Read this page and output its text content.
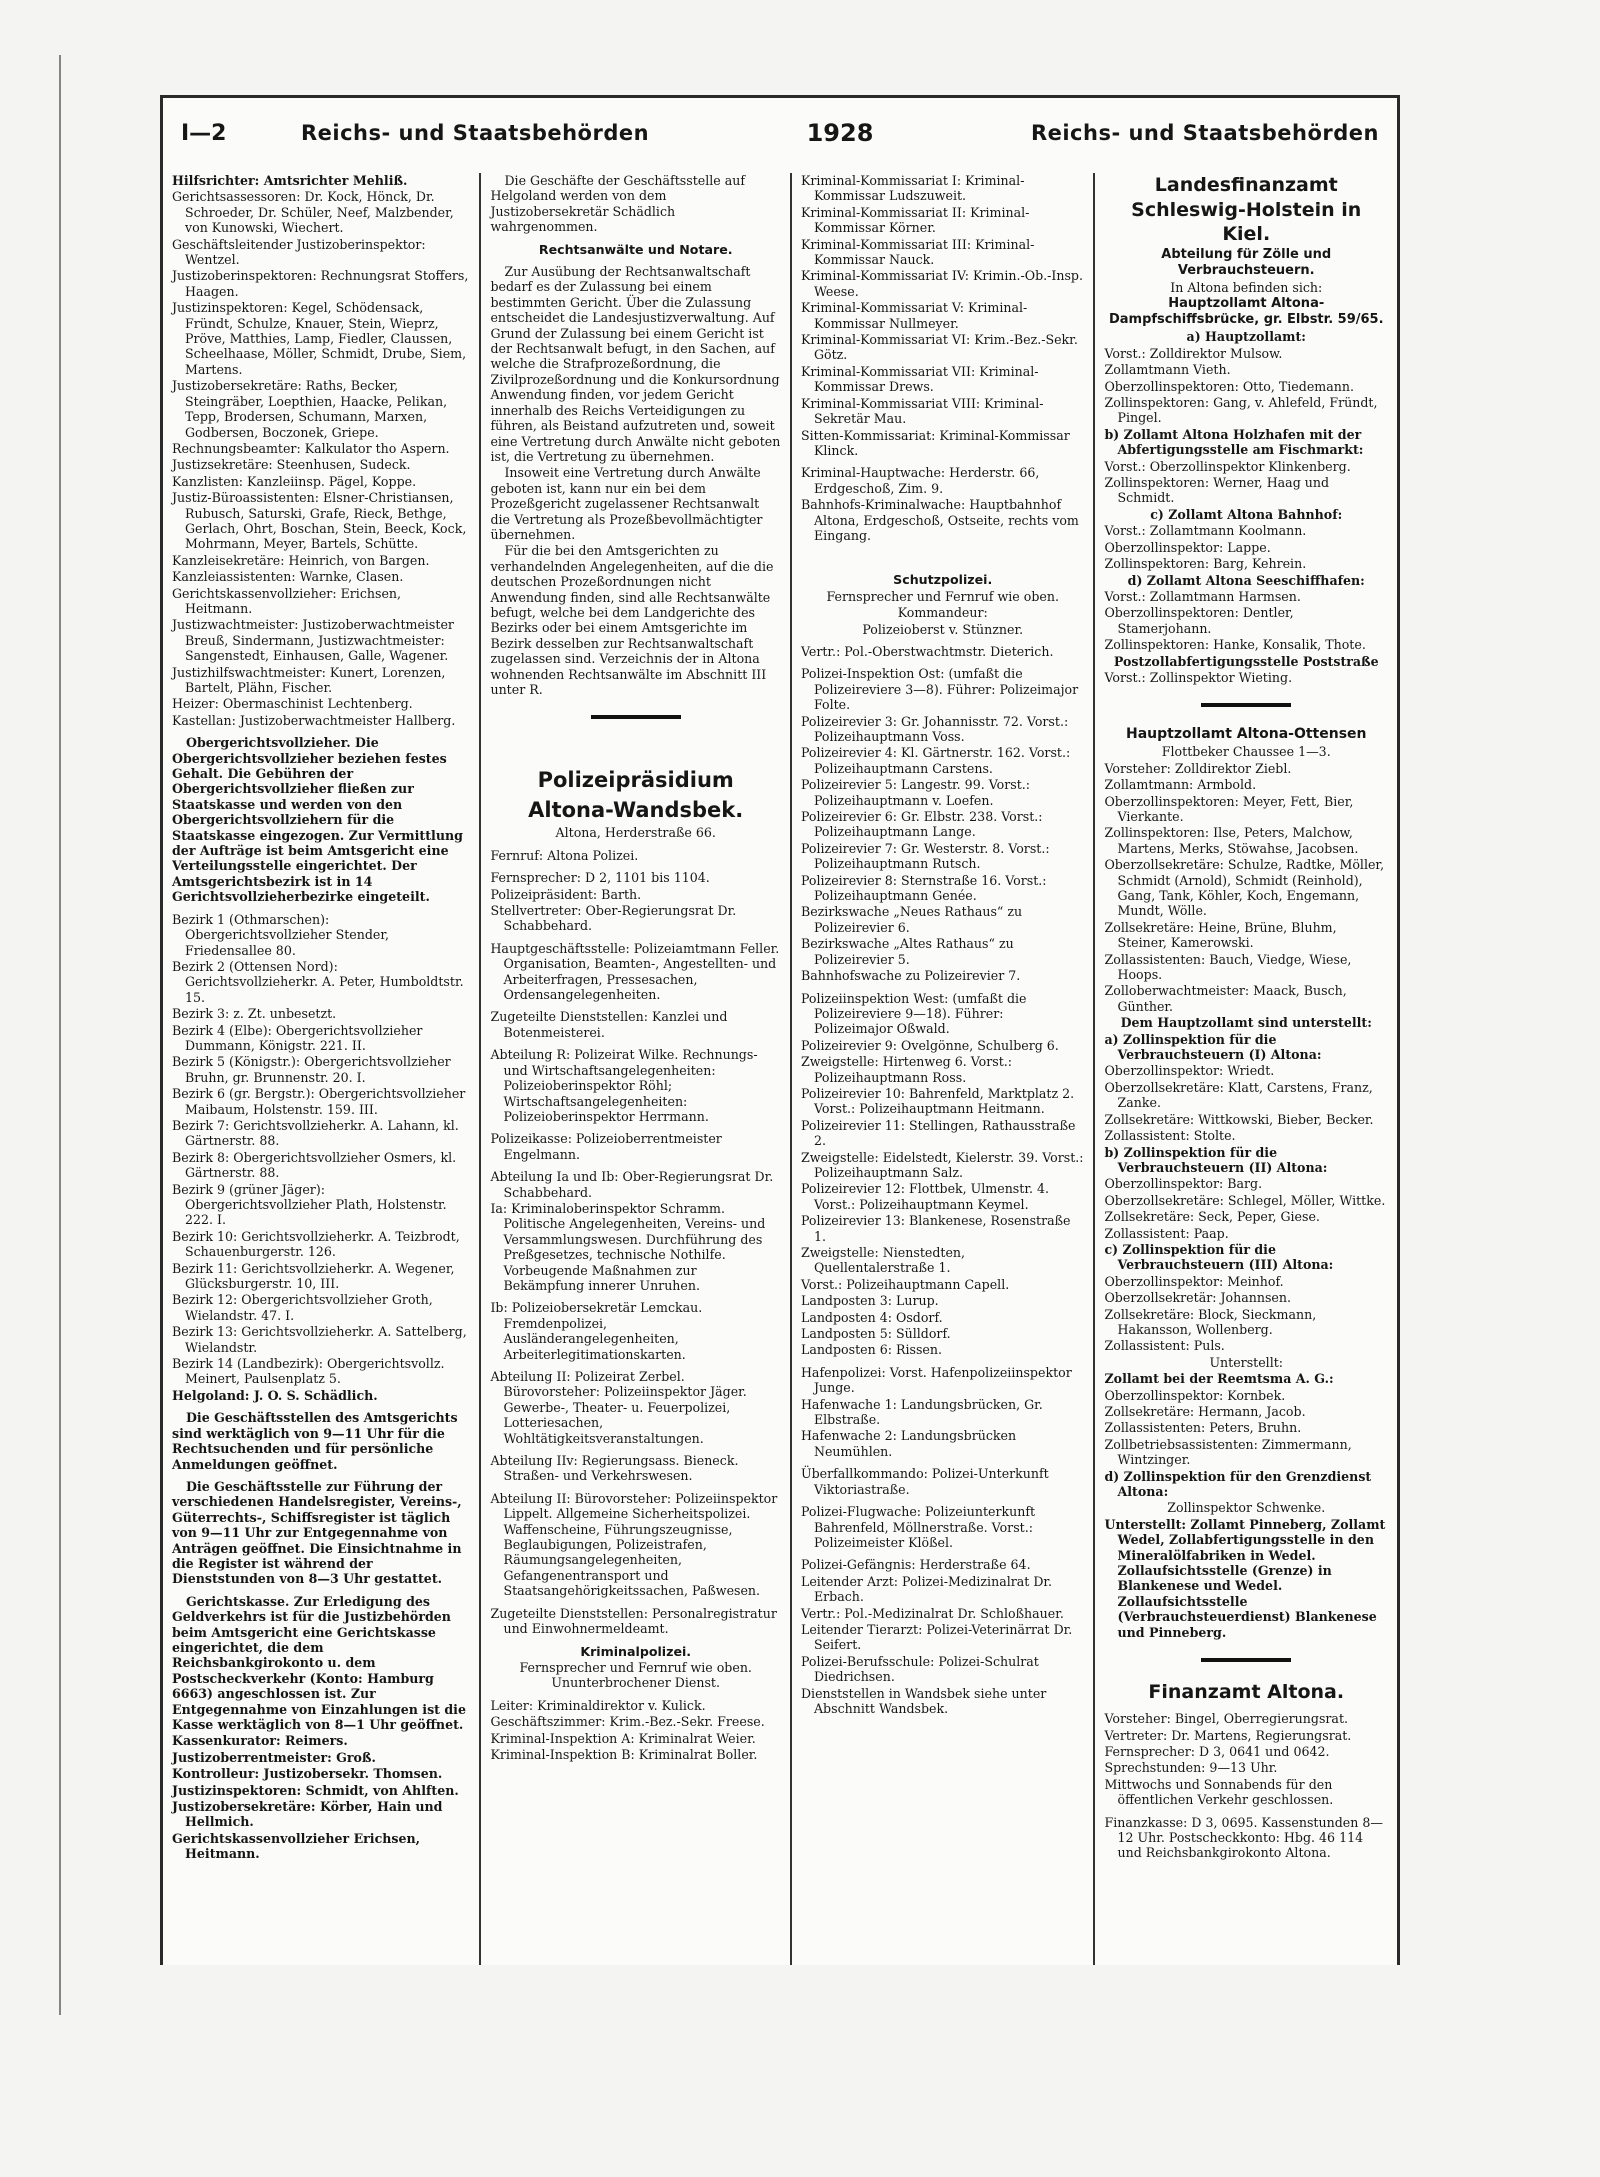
I—2	Reichs- und Staatsbehörden	1928	Reichs- und Staatsbehörden

Hilfsrichter: Amtsrichter Mehliß.

Gerichtsassessoren: Dr. Kock, Hönck, Dr. Schroeder, Dr. Schüler, Neef, Malzbender, von Kunowski, Wiechert.

Geschäftsleitender Justizoberinspektor: Wentzel.

Justizoberinspektoren: Rechnungsrat Stoffers, Haagen.

Justizinspektoren: Kegel, Schödensack, Fründt, Schulze, Knauer, Stein, Wieprz, Pröve, Matthies, Lamp, Fiedler, Claussen, Scheelhaase, Möller, Schmidt, Drube, Siem, Martens.

Justizobersekretäre: Raths, Becker, Steingräber, Loepthien, Haacke, Pelikan, Tepp, Brodersen, Schumann, Marxen, Godbersen, Boczonek, Griepe.

Rechnungsbeamter: Kalkulator tho Aspern.

Justizsekretäre: Steenhusen, Sudeck.

Kanzlisten: Kanzleiinsp. Pägel, Koppe.

Justiz-Büroassistenten: Elsner-Christiansen, Rubusch, Saturski, Grafe, Rieck, Bethge, Gerlach, Ohrt, Boschan, Stein, Beeck, Kock, Mohrmann, Meyer, Bartels, Schütte.

Kanzleisekretäre: Heinrich, von Bargen.

Kanzleiassistenten: Warnke, Clasen.

Gerichtskassenvollzieher: Erichsen, Heitmann.

Justizwachtmeister: Justizoberwachtmeister Breuß, Sindermann, Justizwachtmeister: Sangenstedt, Einhausen, Galle, Wagener.

Justizhilfswachtmeister: Kunert, Lorenzen, Bartelt, Plähn, Fischer.

Heizer: Obermaschinist Lechtenberg.

Kastellan: Justizoberwachtmeister Hallberg.

Obergerichtsvollzieher. Die Obergerichtsvollzieher beziehen festes Gehalt. Die Gebühren der Obergerichtsvollzieher fließen zur Staatskasse und werden von den Obergerichtsvollziehern für die Staatskasse eingezogen. Zur Vermittlung der Aufträge ist beim Amtsgericht eine Verteilungsstelle eingerichtet. Der Amtsgerichtsbezirk ist in 14 Gerichtsvollzieherbezirke eingeteilt.

Bezirk 1 (Othmarschen): Obergerichtsvollzieher Stender, Friedensallee 80.

Bezirk 2 (Ottensen Nord): Gerichtsvollzieherkr. A. Peter, Humboldtstr. 15.

Bezirk 3: z. Zt. unbesetzt.

Bezirk 4 (Elbe): Obergerichtsvollzieher Dummann, Königstr. 221. II.

Bezirk 5 (Königstr.): Obergerichtsvollzieher Bruhn, gr. Brunnenstr. 20. I.

Bezirk 6 (gr. Bergstr.): Obergerichtsvollzieher Maibaum, Holstenstr. 159. III.

Bezirk 7: Gerichtsvollzieherkr. A. Lahann, kl. Gärtnerstr. 88.

Bezirk 8: Obergerichtsvollzieher Osmers, kl. Gärtnerstr. 88.

Bezirk 9 (grüner Jäger): Obergerichtsvollzieher Plath, Holstenstr. 222. I.

Bezirk 10: Gerichtsvollzieherkr. A. Teizbrodt, Schauenburgerstr. 126.

Bezirk 11: Gerichtsvollzieherkr. A. Wegener, Glücksburgerstr. 10, III.

Bezirk 12: Obergerichtsvollzieher Groth, Wielandstr. 47. I.

Bezirk 13: Gerichtsvollzieherkr. A. Sattelberg, Wielandstr.

Bezirk 14 (Landbezirk): Obergerichtsvollz. Meinert, Paulsenplatz 5.

Helgoland: J. O. S. Schädlich.

Die Geschäftsstellen des Amtsgerichts sind werktäglich von 9—11 Uhr für die Rechtsuchenden und für persönliche Anmeldungen geöffnet.

Die Geschäftsstelle zur Führung der verschiedenen Handelsregister, Vereins-, Güterrechts-, Schiffsregister ist täglich von 9—11 Uhr zur Entgegennahme von Anträgen geöffnet. Die Einsichtnahme in die Register ist während der Dienststunden von 8—3 Uhr gestattet.

Gerichtskasse. Zur Erledigung des Geldverkehrs ist für die Justizbehörden beim Amtsgericht eine Gerichtskasse eingerichtet, die dem Reichsbankgirokonto u. dem Postscheckverkehr (Konto: Hamburg 6663) angeschlossen ist. Zur Entgegennahme von Einzahlungen ist die Kasse werktäglich von 8—1 Uhr geöffnet.

Kassenkurator: Reimers.

Justizoberrentmeister: Groß.

Kontrolleur: Justizobersekr. Thomsen.

Justizinspektoren: Schmidt, von Ahlften.

Justizobersekretäre: Körber, Hain und Hellmich.

Gerichtskassenvollzieher Erichsen, Heitmann.

Die Geschäfte der Geschäftsstelle auf Helgoland werden von dem Justizobersekretär Schädlich wahrgenommen.

Rechtsanwälte und Notare.

Zur Ausübung der Rechtsanwaltschaft bedarf es der Zulassung bei einem bestimmten Gericht. Über die Zulassung entscheidet die Landesjustizverwaltung. Auf Grund der Zulassung bei einem Gericht ist der Rechtsanwalt befugt, in den Sachen, auf welche die Strafprozeßordnung, die Zivilprozeßordnung und die Konkursordnung Anwendung finden, vor jedem Gericht innerhalb des Reichs Verteidigungen zu führen, als Beistand aufzutreten und, soweit eine Vertretung durch Anwälte nicht geboten ist, die Vertretung zu übernehmen.

Insoweit eine Vertretung durch Anwälte geboten ist, kann nur ein bei dem Prozeßgericht zugelassener Rechtsanwalt die Vertretung als Prozeßbevollmächtigter übernehmen.

Für die bei den Amtsgerichten zu verhandelnden Angelegenheiten, auf die die deutschen Prozeßordnungen nicht Anwendung finden, sind alle Rechtsanwälte befugt, welche bei dem Landgerichte des Bezirks oder bei einem Amtsgerichte im Bezirk desselben zur Rechtsanwaltschaft zugelassen sind. Verzeichnis der in Altona wohnenden Rechtsanwälte im Abschnitt III unter R.

Polizeipräsidium

Altona-Wandsbek.

Altona, Herderstraße 66.

Fernruf: Altona Polizei.

Fernsprecher: D 2, 1101 bis 1104.

Polizeipräsident: Barth.

Stellvertreter: Ober-Regierungsrat Dr. Schabbehard.

Hauptgeschäftsstelle: Polizeiamtmann Feller. Organisation, Beamten-, Angestellten- und Arbeiterfragen, Pressesachen, Ordensangelegenheiten.

Zugeteilte Dienststellen: Kanzlei und Botenmeisterei.

Abteilung R: Polizeirat Wilke. Rechnungs- und Wirtschaftsangelegenheiten: Polizeioberinspektor Röhl; Wirtschaftsangelegenheiten: Polizeioberinspektor Herrmann.

Polizeikasse: Polizeioberrentmeister Engelmann.

Abteilung Ia und Ib: Ober-Regierungsrat Dr. Schabbehard.

Ia: Kriminaloberinspektor Schramm. Politische Angelegenheiten, Vereins- und Versammlungswesen. Durchführung des Preßgesetzes, technische Nothilfe. Vorbeugende Maßnahmen zur Bekämpfung innerer Unruhen.

Ib: Polizeiobersekretär Lemckau. Fremdenpolizei, Ausländerangelegenheiten, Arbeiterlegitimationskarten.

Abteilung II: Polizeirat Zerbel. Bürovorsteher: Polizeiinspektor Jäger. Gewerbe-, Theater- u. Feuerpolizei, Lotteriesachen, Wohltätigkeitsveranstaltungen.

Abteilung IIv: Regierungsass. Bieneck. Straßen- und Verkehrswesen.

Abteilung II: Bürovorsteher: Polizeiinspektor Lippelt. Allgemeine Sicherheitspolizei. Waffenscheine, Führungszeugnisse, Beglaubigungen, Polizeistrafen, Räumungsangelegenheiten, Gefangenentransport und Staatsangehörigkeitssachen, Paßwesen.

Zugeteilte Dienststellen: Personalregistratur und Einwohnermeldeamt.

Kriminalpolizei.

Fernsprecher und Fernruf wie oben. Ununterbrochener Dienst.

Leiter: Kriminaldirektor v. Kulick.

Geschäftszimmer: Krim.-Bez.-Sekr. Freese.

Kriminal-Inspektion A: Kriminalrat Weier.

Kriminal-Inspektion B: Kriminalrat Boller.

Kriminal-Kommissariat I: Kriminal-Kommissar Ludszuweit.

Kriminal-Kommissariat II: Kriminal-Kommissar Körner.

Kriminal-Kommissariat III: Kriminal-Kommissar Nauck.

Kriminal-Kommissariat IV: Krimin.-Ob.-Insp. Weese.

Kriminal-Kommissariat V: Kriminal-Kommissar Nullmeyer.

Kriminal-Kommissariat VI: Krim.-Bez.-Sekr. Götz.

Kriminal-Kommissariat VII: Kriminal-Kommissar Drews.

Kriminal-Kommissariat VIII: Kriminal-Sekretär Mau.

Sitten-Kommissariat: Kriminal-Kommissar Klinck.

Kriminal-Hauptwache: Herderstr. 66, Erdgeschoß, Zim. 9.

Bahnhofs-Kriminalwache: Hauptbahnhof Altona, Erdgeschoß, Ostseite, rechts vom Eingang.

Schutzpolizei.

Fernsprecher und Fernruf wie oben.

Kommandeur:

Polizeioberst v. Stünzner.

Vertr.: Pol.-Oberstwachtmstr. Dieterich.

Polizei-Inspektion Ost: (umfaßt die Polizeireviere 3—8). Führer: Polizeimajor Folte.

Polizeirevier 3: Gr. Johannisstr. 72. Vorst.: Polizeihauptmann Voss.

Polizeirevier 4: Kl. Gärtnerstr. 162. Vorst.: Polizeihauptmann Carstens.

Polizeirevier 5: Langestr. 99. Vorst.: Polizeihauptmann v. Loefen.

Polizeirevier 6: Gr. Elbstr. 238. Vorst.: Polizeihauptmann Lange.

Polizeirevier 7: Gr. Westerstr. 8. Vorst.: Polizeihauptmann Rutsch.

Polizeirevier 8: Sternstraße 16. Vorst.: Polizeihauptmann Genée.

Bezirkswache „Neues Rathaus“ zu Polizeirevier 6.

Bezirkswache „Altes Rathaus“ zu Polizeirevier 5.

Bahnhofswache zu Polizeirevier 7.

Polizeiinspektion West: (umfaßt die Polizeireviere 9—18). Führer: Polizeimajor Oßwald.

Polizeirevier 9: Ovelgönne, Schulberg 6.

Zweigstelle: Hirtenweg 6. Vorst.: Polizeihauptmann Ross.

Polizeirevier 10: Bahrenfeld, Marktplatz 2. Vorst.: Polizeihauptmann Heitmann.

Polizeirevier 11: Stellingen, Rathausstraße 2.

Zweigstelle: Eidelstedt, Kielerstr. 39. Vorst.: Polizeihauptmann Salz.

Polizeirevier 12: Flottbek, Ulmenstr. 4. Vorst.: Polizeihauptmann Keymel.

Polizeirevier 13: Blankenese, Rosenstraße 1.

Zweigstelle: Nienstedten, Quellentalerstraße 1.

Vorst.: Polizeihauptmann Capell.

Landposten 3: Lurup.

Landposten 4: Osdorf.

Landposten 5: Sülldorf.

Landposten 6: Rissen.

Hafenpolizei: Vorst. Hafenpolizeiinspektor Junge.

Hafenwache 1: Landungsbrücken, Gr. Elbstraße.

Hafenwache 2: Landungsbrücken Neumühlen.

Überfallkommando: Polizei-Unterkunft Viktoriastraße.

Polizei-Flugwache: Polizeiunterkunft Bahrenfeld, Möllnerstraße. Vorst.: Polizeimeister Klößel.

Polizei-Gefängnis: Herderstraße 64.

Leitender Arzt: Polizei-Medizinalrat Dr. Erbach.

Vertr.: Pol.-Medizinalrat Dr. Schloßhauer.

Leitender Tierarzt: Polizei-Veterinärrat Dr. Seifert.

Polizei-Berufsschule: Polizei-Schulrat Diedrichsen.

Dienststellen in Wandsbek siehe unter Abschnitt Wandsbek.

Landesfinanzamt

Schleswig-Holstein in Kiel.

Abteilung für Zölle und Verbrauchsteuern.

In Altona befinden sich:

Hauptzollamt Altona-Dampfschiffsbrücke, gr. Elbstr. 59/65.

a) Hauptzollamt:

Vorst.: Zolldirektor Mulsow.

Zollamtmann Vieth.

Oberzollinspektoren: Otto, Tiedemann.

Zollinspektoren: Gang, v. Ahlefeld, Fründt, Pingel.

b) Zollamt Altona Holzhafen mit der Abfertigungsstelle am Fischmarkt:

Vorst.: Oberzollinspektor Klinkenberg.

Zollinspektoren: Werner, Haag und Schmidt.

c) Zollamt Altona Bahnhof:

Vorst.: Zollamtmann Koolmann.

Oberzollinspektor: Lappe.

Zollinspektoren: Barg, Kehrein.

d) Zollamt Altona Seeschiffhafen:

Vorst.: Zollamtmann Harmsen.

Oberzollinspektoren: Dentler, Stamerjohann.

Zollinspektoren: Hanke, Konsalik, Thote.

Postzollabfertigungsstelle Poststraße

Vorst.: Zollinspektor Wieting.

Hauptzollamt Altona-Ottensen

Flottbeker Chaussee 1—3.

Vorsteher: Zolldirektor Ziebl.

Zollamtmann: Armbold.

Oberzollinspektoren: Meyer, Fett, Bier, Vierkante.

Zollinspektoren: Ilse, Peters, Malchow, Martens, Merks, Stöwahse, Jacobsen.

Oberzollsekretäre: Schulze, Radtke, Möller, Schmidt (Arnold), Schmidt (Reinhold), Gang, Tank, Köhler, Koch, Engemann, Mundt, Wölle.

Zollsekretäre: Heine, Brüne, Bluhm, Steiner, Kamerowski.

Zollassistenten: Bauch, Viedge, Wiese, Hoops.

Zolloberwachtmeister: Maack, Busch, Günther.

Dem Hauptzollamt sind unterstellt:

a) Zollinspektion für die Verbrauchsteuern (I) Altona:

Oberzollinspektor: Wriedt.

Oberzollsekretäre: Klatt, Carstens, Franz, Zanke.

Zollsekretäre: Wittkowski, Bieber, Becker.

Zollassistent: Stolte.

b) Zollinspektion für die Verbrauchsteuern (II) Altona:

Oberzollinspektor: Barg.

Oberzollsekretäre: Schlegel, Möller, Wittke.

Zollsekretäre: Seck, Peper, Giese.

Zollassistent: Paap.

c) Zollinspektion für die Verbrauchsteuern (III) Altona:

Oberzollinspektor: Meinhof.

Oberzollsekretär: Johannsen.

Zollsekretäre: Block, Sieckmann, Hakansson, Wollenberg.

Zollassistent: Puls.

Unterstellt:

Zollamt bei der Reemtsma A. G.:

Oberzollinspektor: Kornbek.

Zollsekretäre: Hermann, Jacob.

Zollassistenten: Peters, Bruhn.

Zollbetriebsassistenten: Zimmermann, Wintzinger.

d) Zollinspektion für den Grenzdienst Altona:

Zollinspektor Schwenke.

Unterstellt: Zollamt Pinneberg, Zollamt Wedel, Zollabfertigungsstelle in den Mineralölfabriken in Wedel. Zollaufsichtsstelle (Grenze) in Blankenese und Wedel. Zollaufsichtsstelle (Verbrauchsteuerdienst) Blankenese und Pinneberg.

Finanzamt Altona.

Vorsteher: Bingel, Oberregierungsrat.

Vertreter: Dr. Martens, Regierungsrat.

Fernsprecher: D 3, 0641 und 0642.

Sprechstunden: 9—13 Uhr.

Mittwochs und Sonnabends für den öffentlichen Verkehr geschlossen.

Finanzkasse: D 3, 0695. Kassenstunden 8—12 Uhr. Postscheckkonto: Hbg. 46 114 und Reichsbankgirokonto Altona.
